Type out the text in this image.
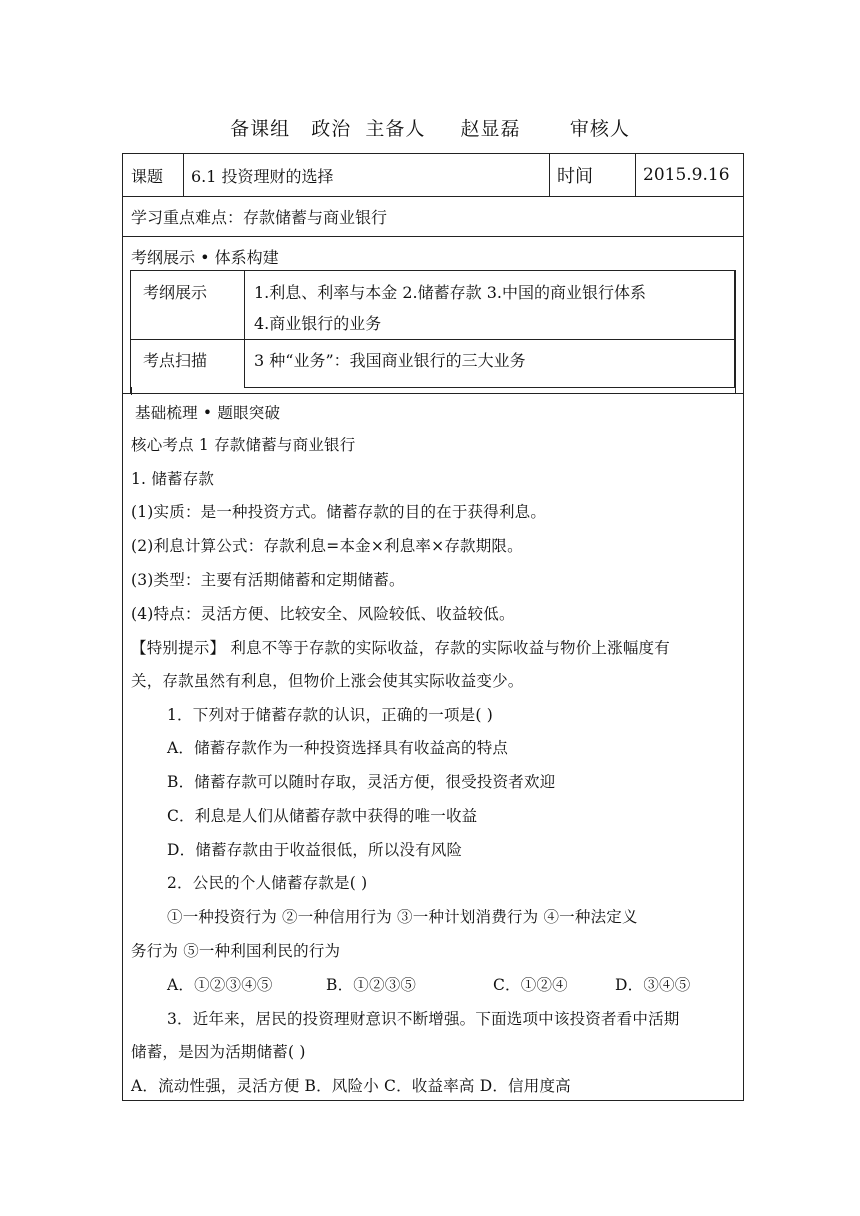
备课组   政治  主备人     赵显磊       审核人
课题	6.1 投资理财的选择	时间	2015.9.16
学习重点难点：存款储蓄与商业银行
考纲展示 • 体系构建
考纲展示	1.利息、利率与本金 2.储蓄存款 3.中国的商业银行体系
4.商业银行的业务
考点扫描	3 种“业务”：我国商业银行的三大业务
基础梳理 • 题眼突破
核心考点 1 存款储蓄与商业银行
1. 储蓄存款
(1)实质：是一种投资方式。储蓄存款的目的在于获得利息。
(2)利息计算公式：存款利息=本金×利息率×存款期限。
(3)类型：主要有活期储蓄和定期储蓄。
(4)特点：灵活方便、比较安全、风险较低、收益较低。
【特别提示】 利息不等于存款的实际收益，存款的实际收益与物价上涨幅度有
关，存款虽然有利息，但物价上涨会使其实际收益变少。
1．下列对于储蓄存款的认识，正确的一项是( )
A．储蓄存款作为一种投资选择具有收益高的特点
B．储蓄存款可以随时存取，灵活方便，很受投资者欢迎
C．利息是人们从储蓄存款中获得的唯一收益
D．储蓄存款由于收益很低，所以没有风险
2．公民的个人储蓄存款是( )
①一种投资行为 ②一种信用行为 ③一种计划消费行为 ④一种法定义
务行为 ⑤一种利国利民的行为
A．①②③④⑤	B．①②③⑤	C．①②④	D．③④⑤
3．近年来，居民的投资理财意识不断增强。下面选项中该投资者看中活期
储蓄，是因为活期储蓄( )
A．流动性强，灵活方便 B．风险小 C．收益率高 D．信用度高
